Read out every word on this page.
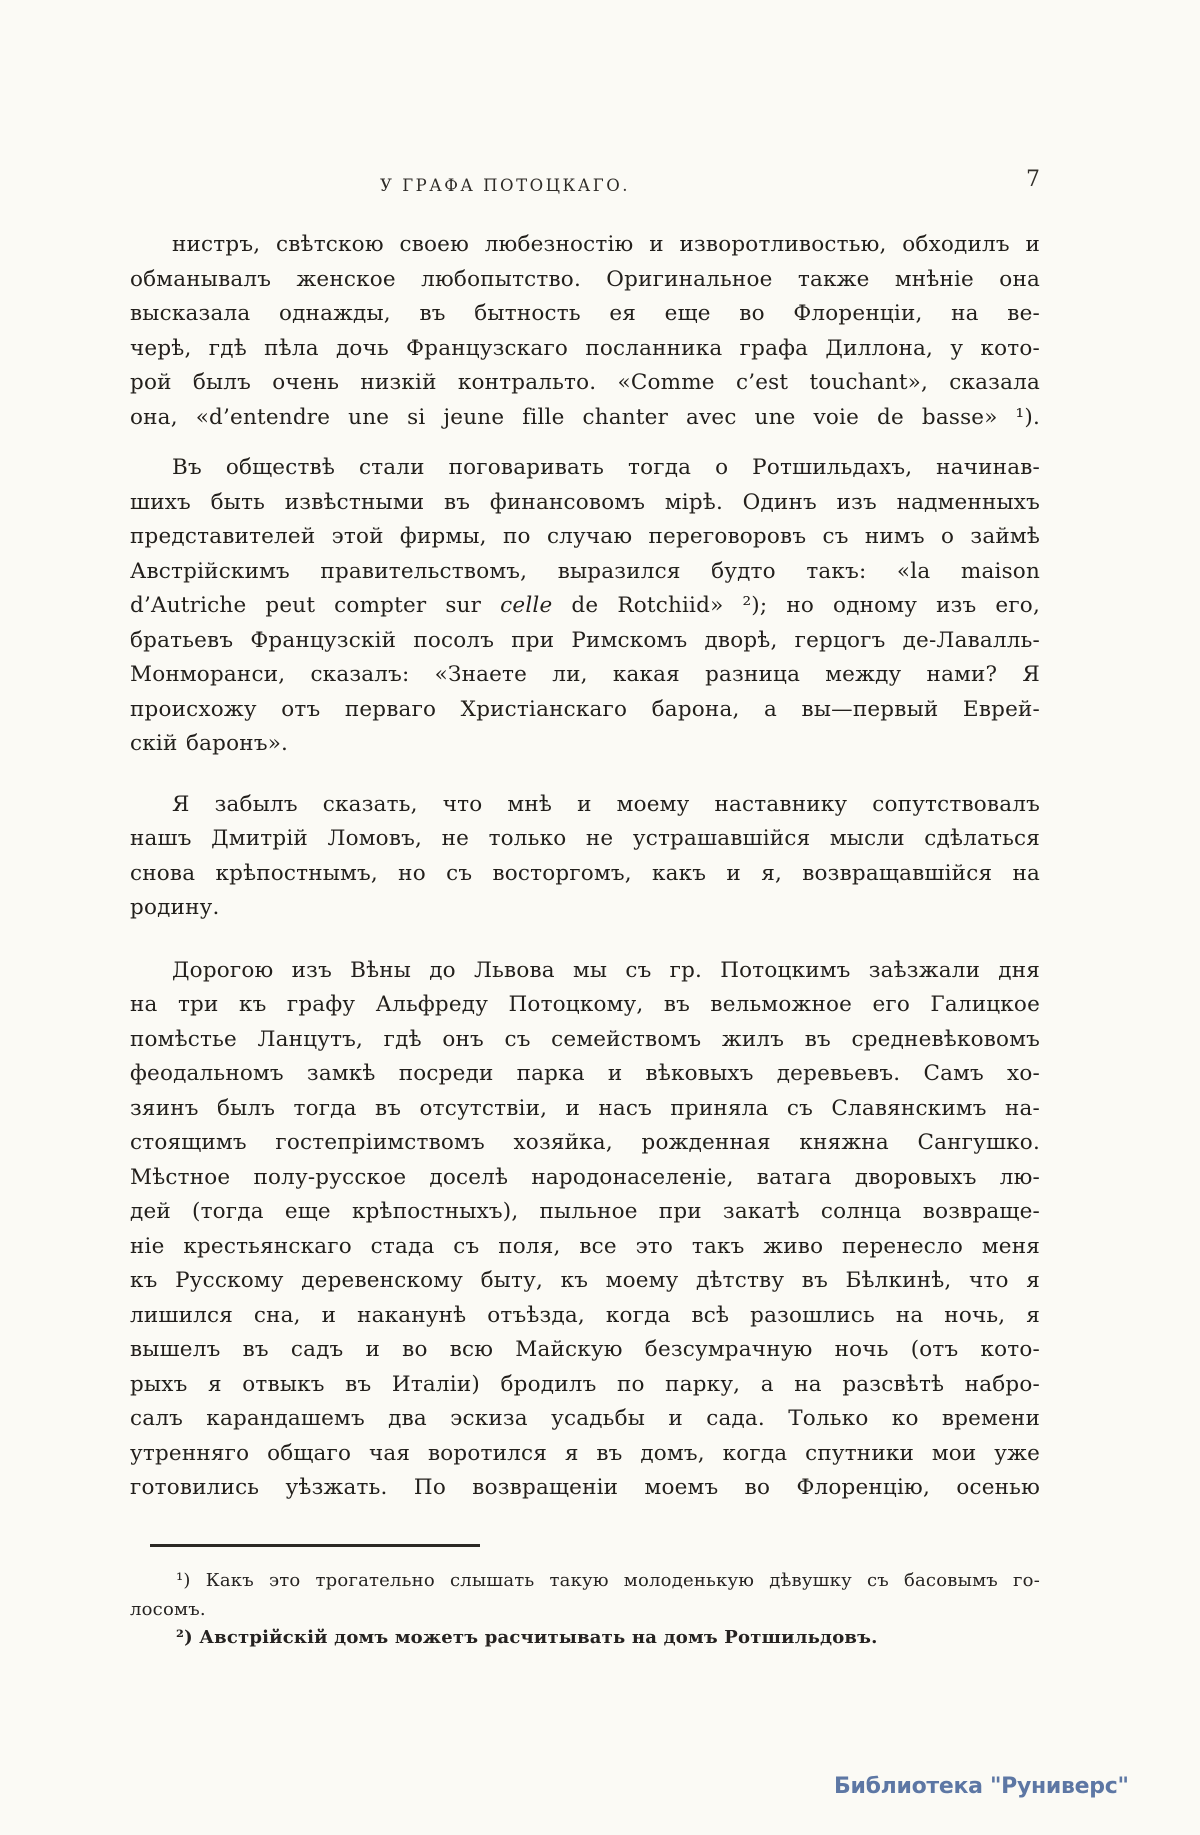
У ГРАФА ПОТОЦКАГО.	7
нистръ, свѣтскою своею любезностію и изворотливостью, обходилъ и
обманывалъ женское любопытство. Оригинальное также мнѣніе она
высказала однажды, въ бытность ея еще во Флоренціи, на ве-
черѣ, гдѣ пѣла дочь Французскаго посланника графа Диллона, у кото-
рой былъ очень низкій контральто. «Comme c’est touchant», сказала
она, «d’entendre une si jeune fille chanter avec une voie de basse» ¹).
Въ обществѣ стали поговаривать тогда о Ротшильдахъ, начинав-
шихъ быть извѣстными въ финансовомъ мірѣ. Одинъ изъ надменныхъ
представителей этой фирмы, по случаю переговоровъ съ нимъ о займѣ
Австрійскимъ правительствомъ, выразился будто такъ: «la maison
d’Autriche peut compter sur celle de Rotchiid» ²); но одному изъ его,
братьевъ Французскій посолъ при Римскомъ дворѣ, герцогъ де-Лавалль-
Монморанси, сказалъ: «Знаете ли, какая разница между нами? Я
происхожу отъ перваго Христіанскаго барона, а вы—первый Еврей-
скій баронъ».
Я забылъ сказать, что мнѣ и моему наставнику сопутствовалъ
нашъ Дмитрій Ломовъ, не только не устрашавшійся мысли сдѣлаться
снова крѣпостнымъ, но съ восторгомъ, какъ и я, возвращавшійся на
родину.
Дорогою изъ Вѣны до Львова мы съ гр. Потоцкимъ заѣзжали дня
на три къ графу Альфреду Потоцкому, въ вельможное его Галицкое
помѣстье Ланцутъ, гдѣ онъ съ семействомъ жилъ въ средневѣковомъ
феодальномъ замкѣ посреди парка и вѣковыхъ деревьевъ. Самъ хо-
зяинъ былъ тогда въ отсутствіи, и насъ приняла съ Славянскимъ на-
стоящимъ гостепріимствомъ хозяйка, рожденная княжна Сангушко.
Мѣстное полу-русское доселѣ народонаселеніе, ватага дворовыхъ лю-
дей (тогда еще крѣпостныхъ), пыльное при закатѣ солнца возвраще-
ніе крестьянскаго стада съ поля, все это такъ живо перенесло меня
къ Русскому деревенскому быту, къ моему дѣтству въ Бѣлкинѣ, что я
лишился сна, и наканунѣ отъѣзда, когда всѣ разошлись на ночь, я
вышелъ въ садъ и во всю Майскую безсумрачную ночь (отъ кото-
рыхъ я отвыкъ въ Италіи) бродилъ по парку, а на разсвѣтѣ набро-
салъ карандашемъ два эскиза усадьбы и сада. Только ко времени
утренняго общаго чая воротился я въ домъ, когда спутники мои уже
готовились уѣзжать. По возвращеніи моемъ во Флоренцію, осенью
¹) Какъ это трогательно слышать такую молоденькую дѣвушку съ басовымъ го-
лосомъ.
²) Австрійскій домъ можетъ расчитывать на домъ Ротшильдовъ.
Библиотека "Руниверс"
